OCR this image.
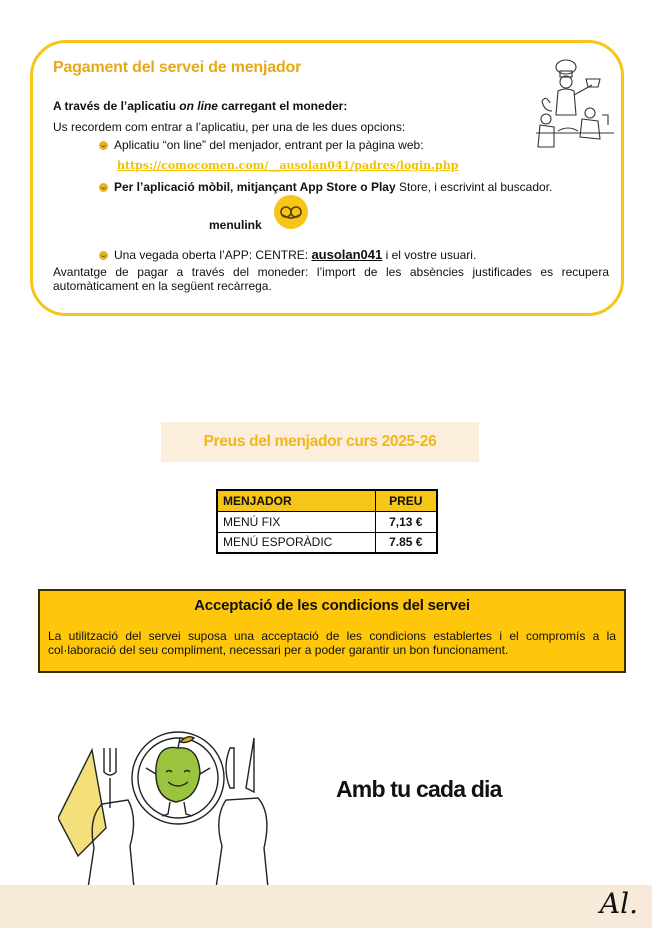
Pagament del servei de menjador
A través de l’aplicatiu on line carregant el moneder:
Us recordem com entrar a l’aplicatiu, per una de les dues opcions:
Aplicatiu “on line” del menjador, entrant per la pàgina web:
https://comocomen.com/__ausolan041/padres/login.php
Per l’aplicació mòbil, mitjançant App Store o Play Store, i escrivint al buscador.
menulink
Una vegada oberta l’APP: CENTRE: ausolan041 i el vostre usuari.
Avantatge de pagar a través del moneder: l’import de les absències justificades es recupera automàticament en la següent recàrrega.
Preus del menjador curs 2025-26
MENJADOR	PREU
MENÚ FIX	7,13 €
MENÚ ESPORÀDIC	7.85 €
Acceptació de les condicions del servei
La utilització del servei suposa una acceptació de les condicions establertes i el compromís a la col·laboració del seu compliment, necessari per a poder garantir un bon funcionament.
Amb tu cada dia
Al.
